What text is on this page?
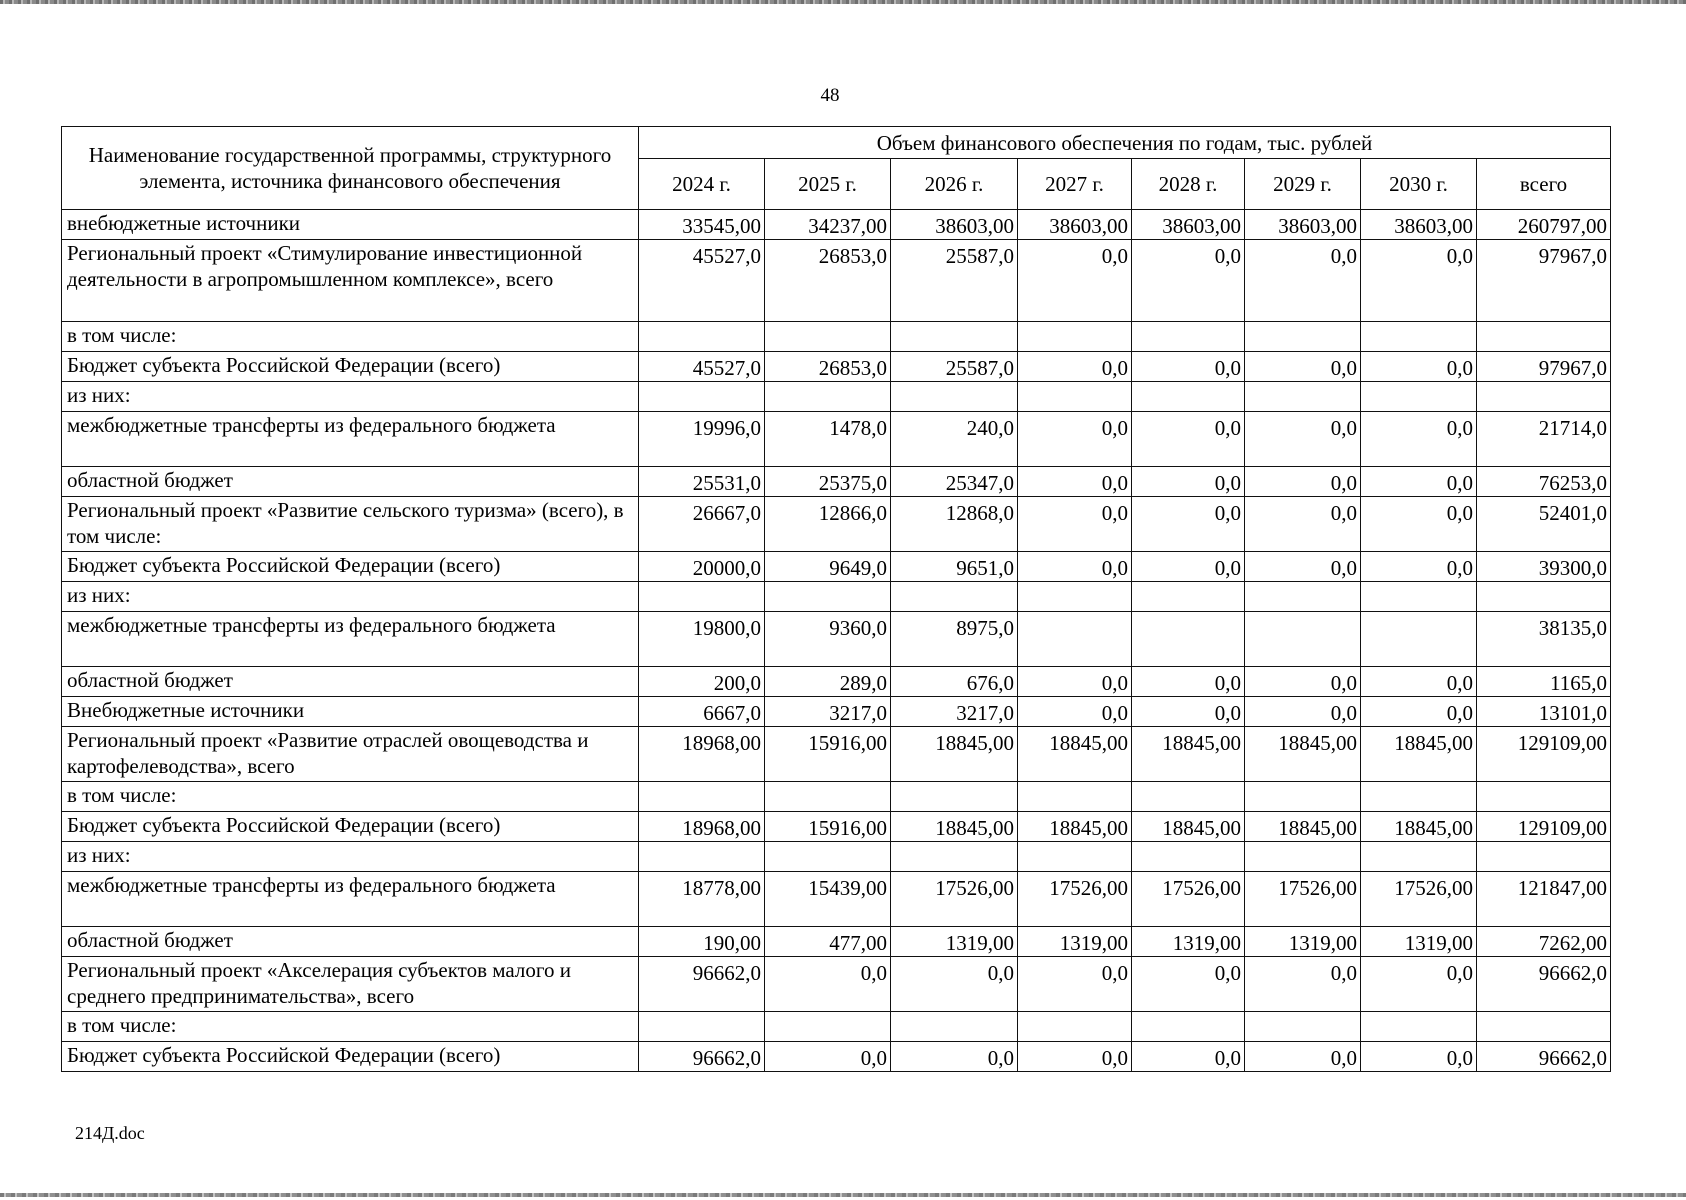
48
Наименование государственной программы, структурного элемента, источника финансового обеспечения	Объем финансового обеспечения по годам, тыс. рублей							
	2024 г.	2025 г.	2026 г.	2027 г.	2028 г.	2029 г.	2030 г.	всего
внебюджетные источники	33545,00	34237,00	38603,00	38603,00	38603,00	38603,00	38603,00	260797,00
Региональный проект «Стимулирование инвестиционной деятельности в агропромышленном комплексе», всего	45527,0	26853,0	25587,0	0,0	0,0	0,0	0,0	97967,0
в том числе:								
Бюджет субъекта Российской Федерации (всего)	45527,0	26853,0	25587,0	0,0	0,0	0,0	0,0	97967,0
из них:								
межбюджетные трансферты из федерального бюджета	19996,0	1478,0	240,0	0,0	0,0	0,0	0,0	21714,0
областной бюджет	25531,0	25375,0	25347,0	0,0	0,0	0,0	0,0	76253,0
Региональный проект «Развитие сельского туризма» (всего), в том числе:	26667,0	12866,0	12868,0	0,0	0,0	0,0	0,0	52401,0
Бюджет субъекта Российской Федерации (всего)	20000,0	9649,0	9651,0	0,0	0,0	0,0	0,0	39300,0
из них:								
межбюджетные трансферты из федерального бюджета	19800,0	9360,0	8975,0					38135,0
областной бюджет	200,0	289,0	676,0	0,0	0,0	0,0	0,0	1165,0
Внебюджетные источники	6667,0	3217,0	3217,0	0,0	0,0	0,0	0,0	13101,0
Региональный проект «Развитие отраслей овощеводства и картофелеводства», всего	18968,00	15916,00	18845,00	18845,00	18845,00	18845,00	18845,00	129109,00
в том числе:								
Бюджет субъекта Российской Федерации (всего)	18968,00	15916,00	18845,00	18845,00	18845,00	18845,00	18845,00	129109,00
из них:								
межбюджетные трансферты из федерального бюджета	18778,00	15439,00	17526,00	17526,00	17526,00	17526,00	17526,00	121847,00
областной бюджет	190,00	477,00	1319,00	1319,00	1319,00	1319,00	1319,00	7262,00
Региональный проект «Акселерация субъектов малого и среднего предпринимательства», всего	96662,0	0,0	0,0	0,0	0,0	0,0	0,0	96662,0
в том числе:								
Бюджет субъекта Российской Федерации (всего)	96662,0	0,0	0,0	0,0	0,0	0,0	0,0	96662,0
214Д.doc
